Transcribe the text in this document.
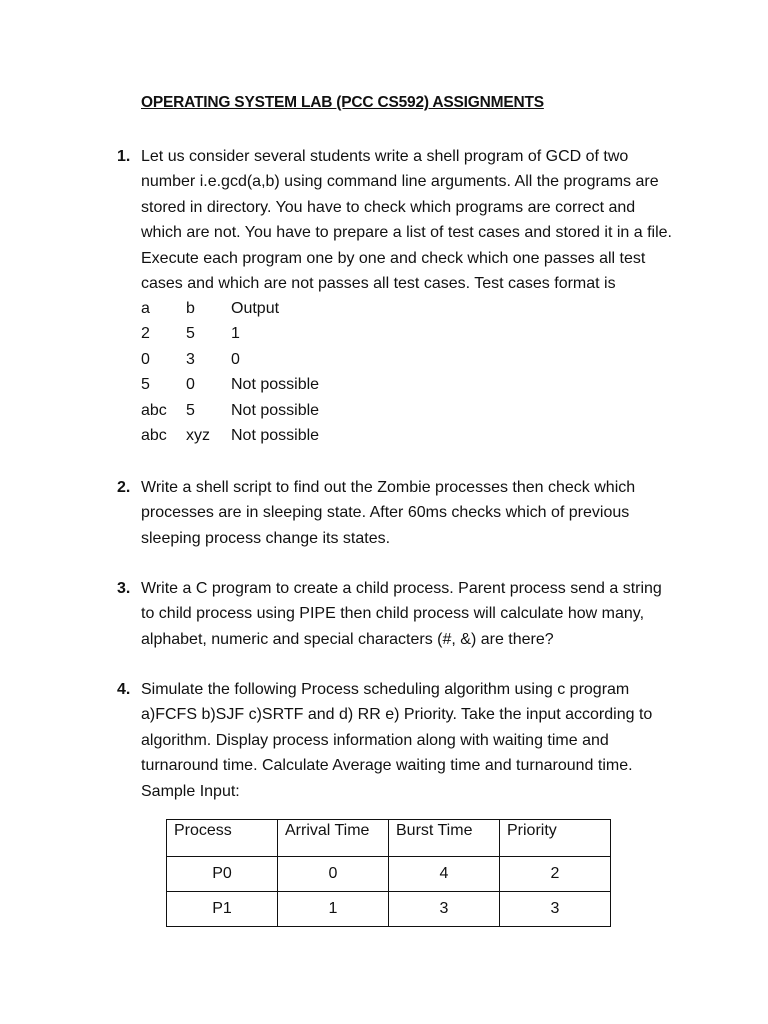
OPERATING SYSTEM LAB (PCC CS592) ASSIGNMENTS
1. Let us consider several students write a shell program of GCD of two
number i.e.gcd(a,b) using command line arguments. All the programs are
stored in directory. You have to check which programs are correct and
which are not. You have to prepare a list of test cases and stored it in a file.
Execute each program one by one and check which one passes all test
cases and which are not passes all test cases. Test cases format is
a b Output
2 5 1
0 3 0
5 0 Not possible
abc 5 Not possible
abc xyz Not possible
2. Write a shell script to find out the Zombie processes then check which
processes are in sleeping state. After 60ms checks which of previous
sleeping process change its states.
3. Write a C program to create a child process. Parent process send a string
to child process using PIPE then child process will calculate how many,
alphabet, numeric and special characters (#, &) are there?
4. Simulate the following Process scheduling algorithm using c program
a)FCFS b)SJF c)SRTF and d) RR e) Priority. Take the input according to
algorithm. Display process information along with waiting time and
turnaround time. Calculate Average waiting time and turnaround time.
Sample Input:
Process	Arrival Time	Burst Time	Priority
P0	0	4	2
P1	1	3	3
